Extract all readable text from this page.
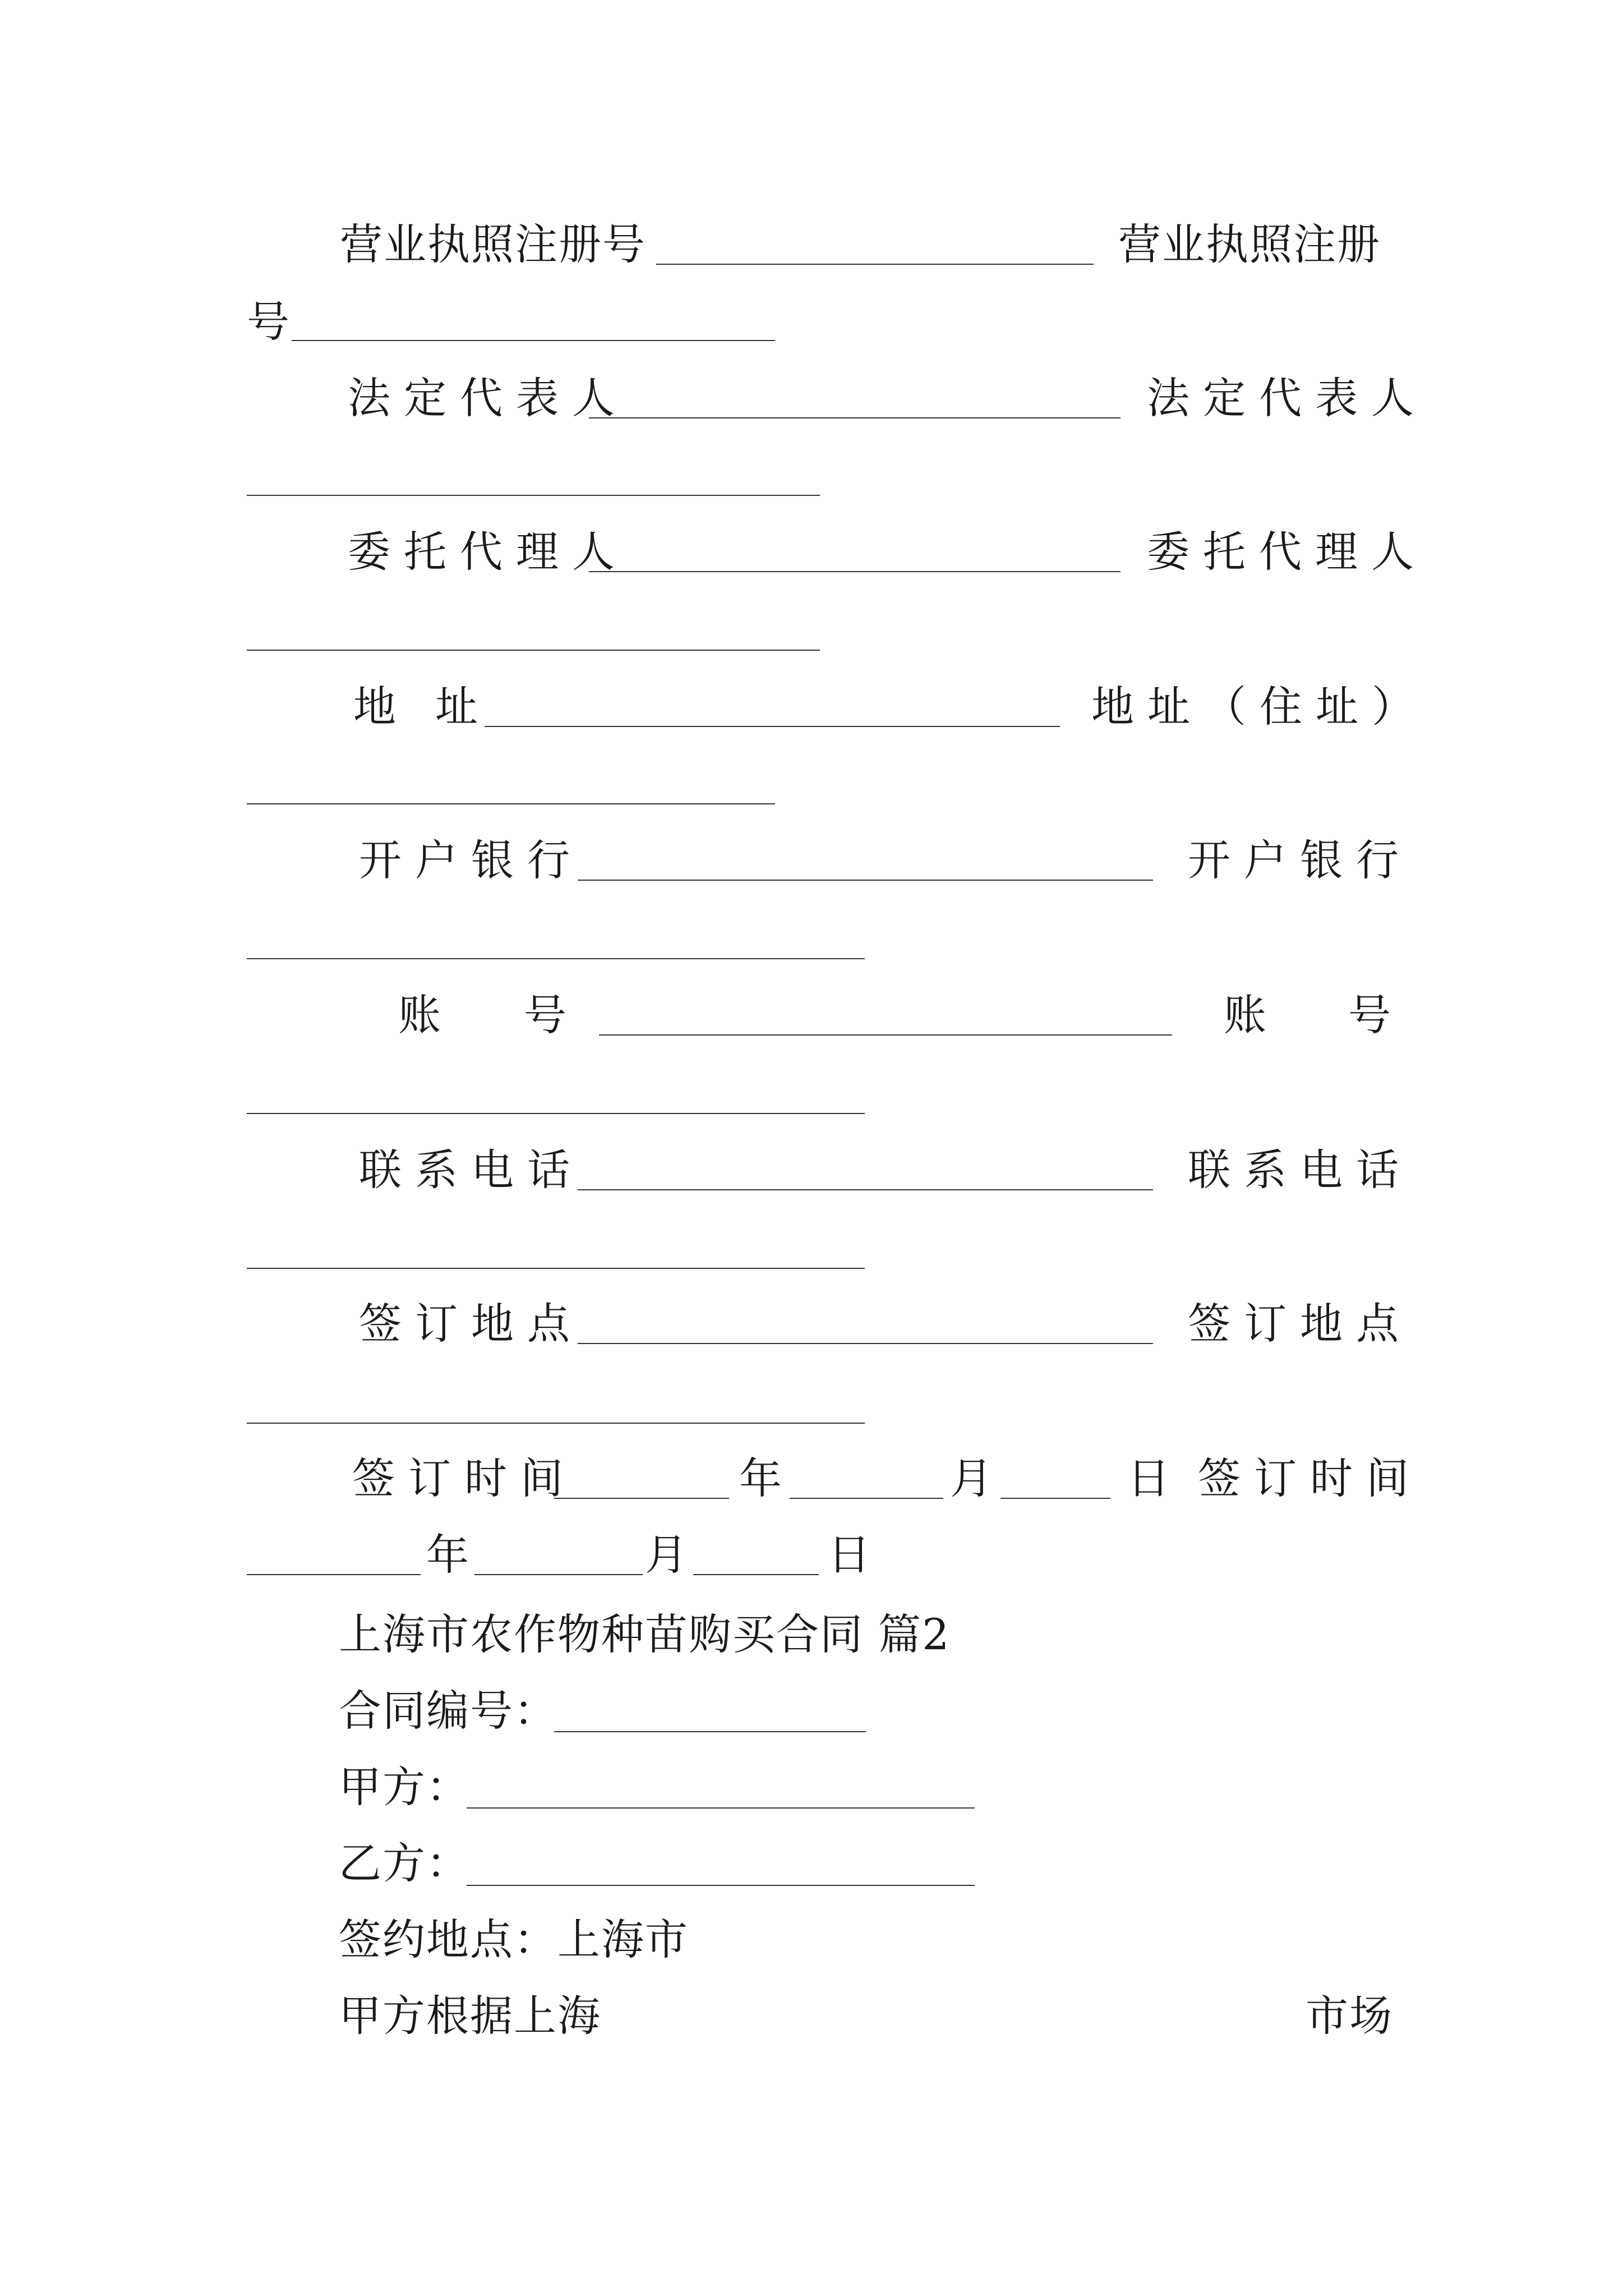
营业执照注册号	营业执照注册
号
法定代表人	法定代表人
委托代理人	委托代理人
地 址	地址（住址）
开户银行	开户银行
账 号	账 号
联系电话	联系电话
签订地点	签订地点
签订时间	年	月	日 签订时间
年	月	日
上海市农作物种苗购买合同 篇2
合同编号：
甲方：
乙方：
签约地点：上海市
甲方根据上海	市场
